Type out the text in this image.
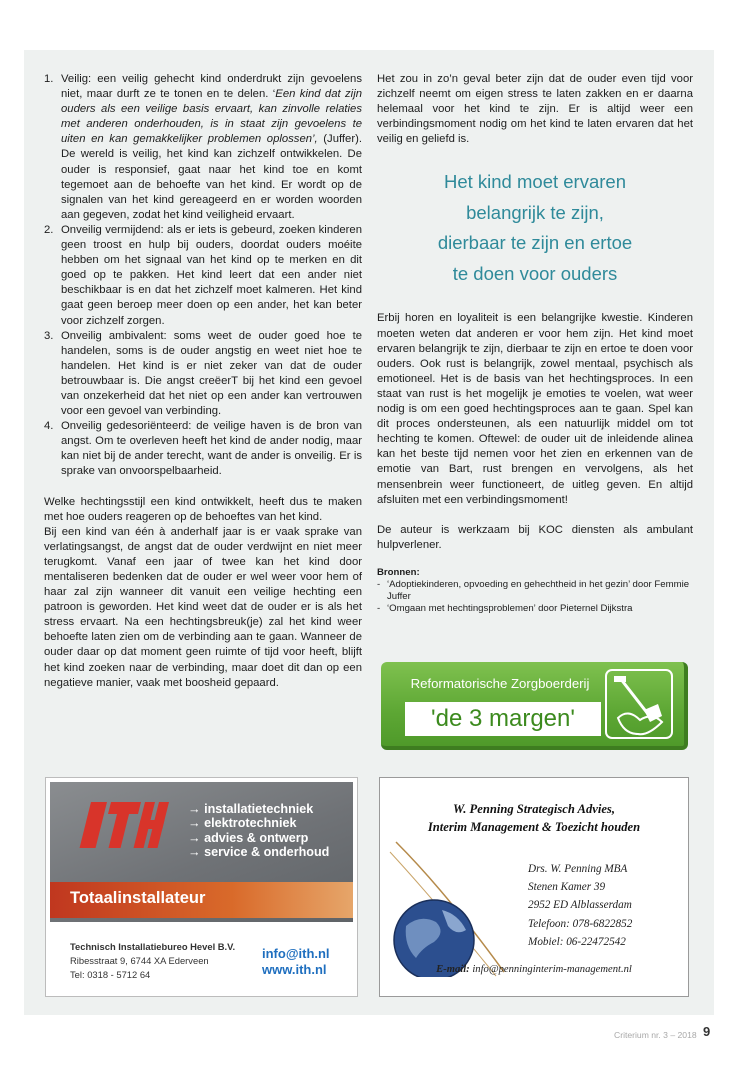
1. Veilig: een veilig gehecht kind onderdrukt zijn gevoelens niet, maar durft ze te tonen en te delen. ‘Een kind dat zijn ouders als een veilige basis ervaart, kan zinvolle relaties met anderen onderhouden, is in staat zijn gevoelens te uiten en kan gemakkelijker problemen oplossen’, (Juffer). De wereld is veilig, het kind kan zichzelf ontwikkelen. De ouder is responsief, gaat naar het kind toe en komt tegemoet aan de behoefte van het kind. Er wordt op de signalen van het kind gereageerd en er worden woorden aan gegeven, zodat het kind veiligheid ervaart.
2. Onveilig vermijdend: als er iets is gebeurd, zoeken kinderen geen troost en hulp bij ouders, doordat ouders moéite hebben om het signaal van het kind op te merken en dit goed op te pakken. Het kind leert dat een ander niet beschikbaar is en dat het zichzelf moet kalmeren. Het kind gaat geen beroep meer doen op een ander, het kan beter voor zichzelf zorgen.
3. Onveilig ambivalent: soms weet de ouder goed hoe te handelen, soms is de ouder angstig en weet niet hoe te handelen. Het kind is er niet zeker van dat de ouder betrouwbaar is. Die angst creëerT bij het kind een gevoel van onzekerheid dat het niet op een ander kan vertrouwen voor een gevoel van verbinding.
4. Onveilig gedesoriënteerd: de veilige haven is de bron van angst. Om te overleven heeft het kind de ander nodig, maar kan niet bij de ander terecht, want de ander is onveilig. Er is sprake van onvoorspelbaarheid.

Welke hechtingsstijl een kind ontwikkelt, heeft dus te maken met hoe ouders reageren op de behoeftes van het kind.

Bij een kind van één à anderhalf jaar is er vaak sprake van verlatingsangst, de angst dat de ouder verdwijnt en niet meer terugkomt. Vanaf een jaar of twee kan het kind door mentaliseren bedenken dat de ouder er wel weer voor hem of haar zal zijn wanneer dit vanuit een veilige hechting een patroon is geworden. Het kind weet dat de ouder er is als het stress ervaart. Na een hechtingsbreuk(je) zal het kind weer behoefte laten zien om de verbinding aan te gaan. Wanneer de ouder daar op dat moment geen ruimte of tijd voor heeft, blijft het kind zoeken naar de verbinding, maar doet dit dan op een negatieve manier, vaak met boosheid gepaard.

Het zou in zo’n geval beter zijn dat de ouder even tijd voor zichzelf neemt om eigen stress te laten zakken en er daarna helemaal voor het kind te zijn. Er is altijd weer een verbindingsmoment nodig om het kind te laten ervaren dat het veilig en geliefd is.

Het kind moet ervaren
belangrijk te zijn,
dierbaar te zijn en ertoe
te doen voor ouders

Erbij horen en loyaliteit is een belangrijke kwestie. Kinderen moeten weten dat anderen er voor hem zijn. Het kind moet ervaren belangrijk te zijn, dierbaar te zijn en ertoe te doen voor ouders. Ook rust is belangrijk, zowel mentaal, psychisch als emotioneel. Het is de basis van het hechtingsproces. In een staat van rust is het mogelijk je emoties te voelen, wat weer nodig is om een goed hechtingsproces aan te gaan. Spel kan dit proces ondersteunen, als een natuurlijk middel om tot hechting te komen. Oftewel: de ouder uit de inleidende alinea kan het beste tijd nemen voor het zien en erkennen van de emotie van Bart, rust brengen en vervolgens, als het mensenbrein weer functioneert, de uitleg geven. En altijd afsluiten met een verbindingsmoment!

De auteur is werkzaam bij KOC diensten als ambulant hulpverlener.

Bronnen:
- ‘Adoptiekinderen, opvoeding en gehechtheid in het gezin’ door Femmie Juffer
- ‘Omgaan met hechtingsproblemen’ door Pieternel Dijkstra
Reformatorische Zorgboerderij
'de 3 margen'
→ installatietechniek
→ elektrotechniek
→ advies & ontwerp
→ service & onderhoud
Totaalinstallateur
Technisch Installatiebureo Hevel B.V.
Ribesstraat 9, 6744 XA Ederveen
Tel: 0318 - 5712 64
info@ith.nl
www.ith.nl
W. Penning Strategisch Advies,
Interim Management & Toezicht houden
Drs. W. Penning MBA
Stenen Kamer 39
2952 ED Alblasserdam
Telefoon: 078-6822852
Mobiel: 06-22472542
E-mail: info@penninginterim-management.nl
Criterium nr. 3 – 2018 9
